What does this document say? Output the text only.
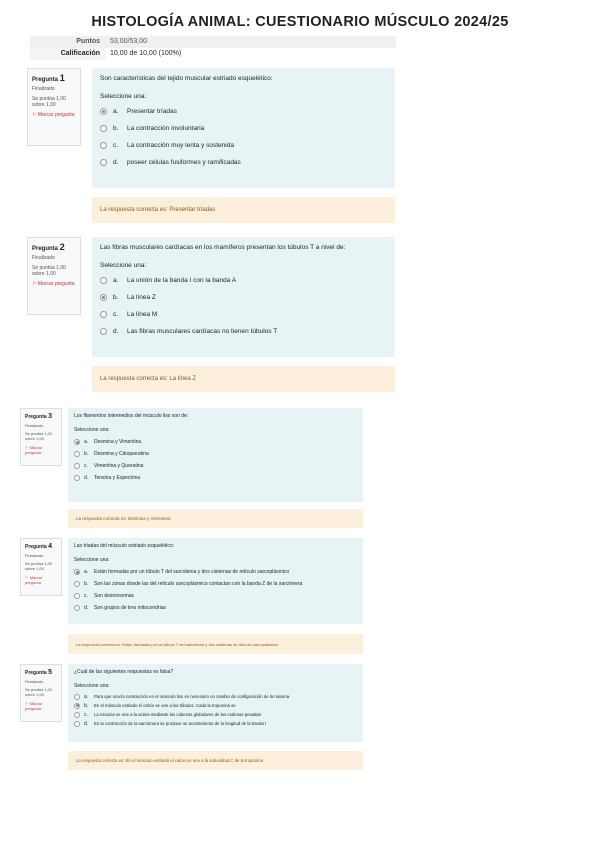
HISTOLOGÍA ANIMAL: CUESTIONARIO MÚSCULO 2024/25
Puntos	53,00/53,00
Calificación	10,00 de 10,00 (100%)
Pregunta 1
Finalizado
Se puntúa 1,00 sobre 1,00
⚐ Marcar pregunta
Son características del tejido muscular estriado esquelético:
Seleccione una:
a.	Presentar tríadas
b.	La contracción involuntaria
c.	La contracción muy lenta y sostenida
d.	poseer células fusiformes y ramificadas
La respuesta correcta es: Presentar tríadas
Pregunta 2
Finalizado
Se puntúa 1,00 sobre 1,00
⚐ Marcar pregunta
Las fibras musculares cardíacas en los mamíferos presentan los túbulos T a nivel de:
Seleccione una:
a.	La unión de la banda I con la banda A
b.	La línea Z
c.	La línea M
d.	Las fibras musculares cardíacas no tienen túbulos T
La respuesta correcta es: La línea Z
Pregunta 3
Finalizado
Se puntúa 1,00 sobre 1,00
⚐ Marcar pregunta
Los filamentos intermedios del músculo liso son de:
Seleccione una:
a.	Desmina y Vimentina
b.	Desmina y Citoqueratina
c.	Vimentina y Queratina
d.	Tensina y Espectrina
La respuesta correcta es: Desmina y Vimentina
Pregunta 4
Finalizado
Se puntúa 1,00 sobre 1,00
⚐ Marcar pregunta
Las tríadas del músculo estriado esquelético:
Seleccione una:
a.	Están formadas por un túbulo T del sarcolema y dos cisternas de retículo sarcoplásmico
b.	Son las zonas donde las del retículo sarcoplásmico contactan con la banda Z de la sarcómera
c.	Son desmosomas
d.	Son grupos de tres mitocondrias
La respuesta correcta es: Están formadas por un túbulo T del sarcolema y dos cisternas de retículo sarcoplásmico
Pregunta 5
Finalizado
Se puntúa 1,00 sobre 1,00
⚐ Marcar pregunta
¿Cuál de las siguientes respuestas es falsa?
Seleccione una:
a.	Para que ocurra contracción en el músculo liso es necesario un cambio de configuración de la miosina
b.	En el músculo estriado el calcio se une a los túbulos. Cada la troponina se
c.	La miosina se une a la actina mediante las cabezas globulares de las cadenas pesadas
d.	En la contracción de la sarcómera se produce un acortamiento de la longitud de la banda I
La respuesta correcta es: En el músculo estriado el calcio se une a la subunidad C de la troponina
